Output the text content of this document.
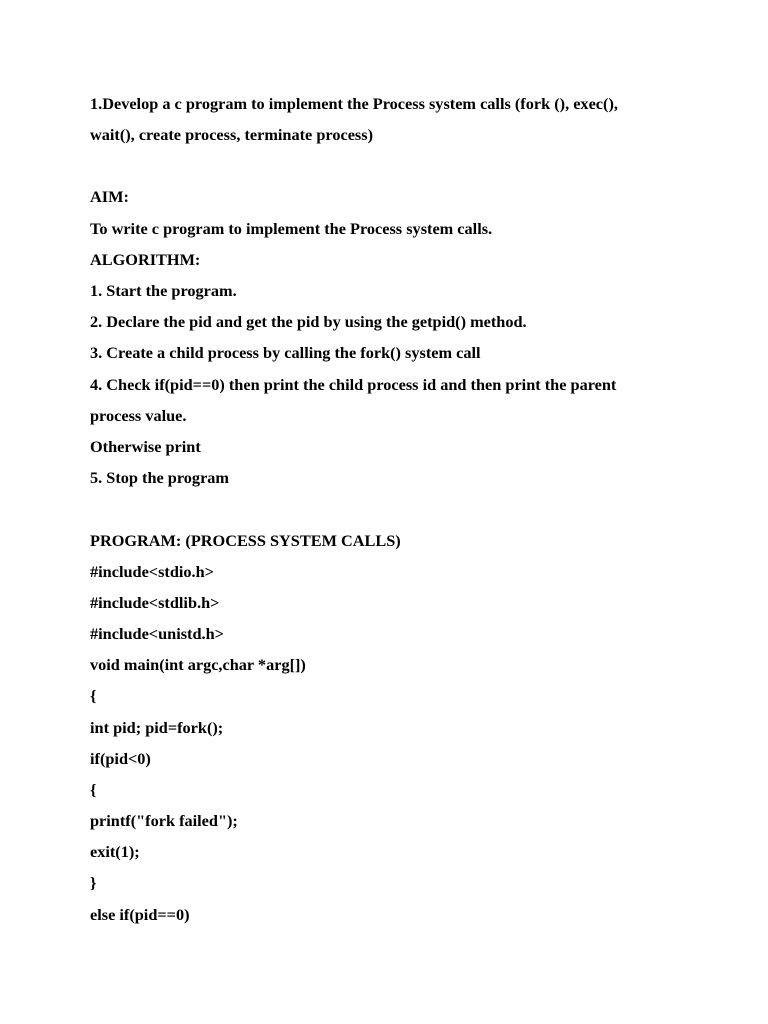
1.Develop a c program to implement the Process system calls (fork (), exec(),
wait(), create process, terminate process)
AIM:
To write c program to implement the Process system calls.
ALGORITHM:
1. Start the program.
2. Declare the pid and get the pid by using the getpid() method.
3. Create a child process by calling the fork() system call
4. Check if(pid==0) then print the child process id and then print the parent
process value.
Otherwise print
5. Stop the program
PROGRAM: (PROCESS SYSTEM CALLS)
#include<stdio.h>
#include<stdlib.h>
#include<unistd.h>
void main(int argc,char *arg[])
{
int pid; pid=fork();
if(pid<0)
{
printf("fork failed");
exit(1);
}
else if(pid==0)
